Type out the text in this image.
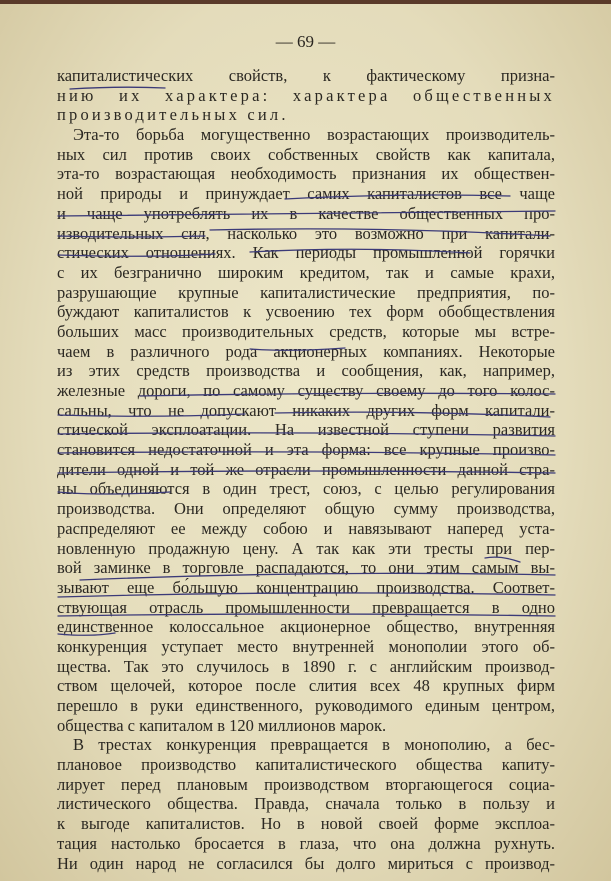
— 69 —
капиталистических свойств, к фактическому призна-
нию их характера: характера общественных
производительных сил.
Эта-то борьба могущественно возрастающих производитель-
ных сил против своих собственных свойств как капитала,
эта-то возрастающая необходимость признания их обществен-
ной природы и принуждает самих капиталистов все чаще
и чаще употреблять их в качестве общественных про-
изводительных сил, насколько это возможно при капитали-
стических отношениях. Как периоды промышленной горячки
с их безгранично широким кредитом, так и самые крахи,
разрушающие крупные капиталистические предприятия, по-
буждают капиталистов к усвоению тех форм обобществления
больших масс производительных средств, которые мы встре-
чаем в различного рода акционерных компаниях. Некоторые
из этих средств производства и сообщения, как, например,
железные дороги, по самому существу своему до того колос-
сальны, что не допускают никаких других форм капитали-
стической эксплоатации. На известной ступени развития
становится недостаточной и эта форма: все крупные произво-
дители одной и той же отрасли промышленности данной стра-
ны объединяются в один трест, союз, с целью регулирования
производства. Они определяют общую сумму производства,
распределяют ее между собою и навязывают наперед уста-
новленную продажную цену. А так как эти тресты при пер-
вой заминке в торговле распадаются, то они этим самым вы-
зывают еще бо́льшую концентрацию производства. Соответ-
ствующая отрасль промышленности превращается в одно
единственное колоссальное акционерное общество, внутренняя
конкуренция уступает место внутренней монополии этого об-
щества. Так это случилось в 1890 г. с английским производ-
ством щелочей, которое после слития всех 48 крупных фирм
перешло в руки единственного, руководимого единым центром,
общества с капиталом в 120 миллионов марок.
В трестах конкуренция превращается в монополию, а бес-
плановое производство капиталистического общества капиту-
лирует перед плановым производством вторгающегося социа-
листического общества. Правда, сначала только в пользу и
к выгоде капиталистов. Но в новой своей форме эксплоа-
тация настолько бросается в глаза, что она должна рухнуть.
Ни один народ не согласился бы долго мириться с производ-
